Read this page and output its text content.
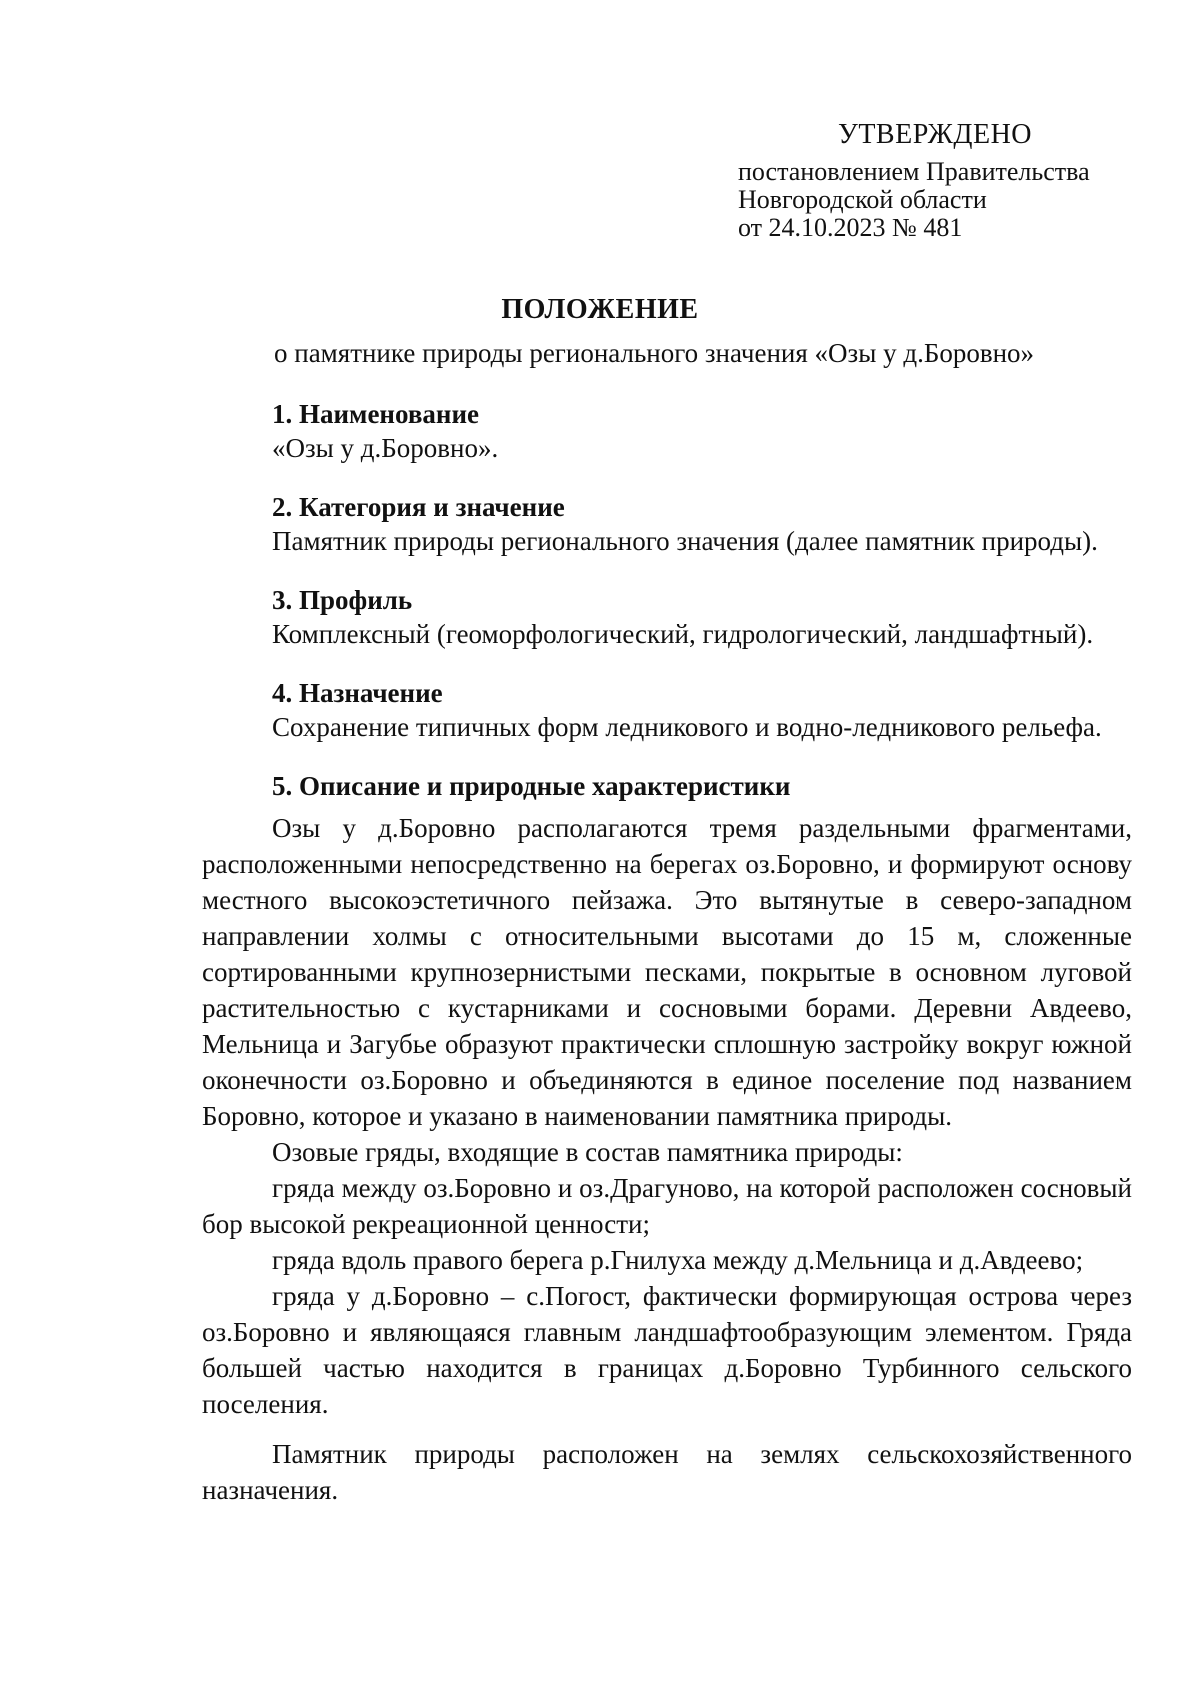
УТВЕРЖДЕНО
постановлением Правительства
Новгородской области
от 24.10.2023 № 481
ПОЛОЖЕНИЕ
о памятнике природы регионального значения «Озы у д.Боровно»
1. Наименование
«Озы у д.Боровно».
2. Категория и значение
Памятник природы регионального значения (далее памятник природы).
3. Профиль
Комплексный (геоморфологический, гидрологический, ландшафтный).
4. Назначение
Сохранение типичных форм ледникового и водно-ледникового рельефа.
5. Описание и природные характеристики

Озы у д.Боровно располагаются тремя раздельными фрагментами, расположенными непосредственно на берегах оз.Боровно, и формируют основу местного высокоэстетичного пейзажа. Это вытянутые в северо-западном направлении холмы с относительными высотами до 15 м, сложенные сортированными крупнозернистыми песками, покрытые в основном луговой растительностью с кустарниками и сосновыми борами. Деревни Авдеево, Мельница и Загубье образуют практически сплошную застройку вокруг южной оконечности оз.Боровно и объединяются в единое поселение под названием Боровно, которое и указано в наименовании памятника природы.

Озовые гряды, входящие в состав памятника природы:

гряда между оз.Боровно и оз.Драгуново, на которой расположен сосновый бор высокой рекреационной ценности;

гряда вдоль правого берега р.Гнилуха между д.Мельница и д.Авдеево;

гряда у д.Боровно – с.Погост, фактически формирующая острова через оз.Боровно и являющаяся главным ландшафтообразующим элементом. Гряда большей частью находится в границах д.Боровно Турбинного сельского поселения.

Памятник природы расположен на землях сельскохозяйственного назначения.
